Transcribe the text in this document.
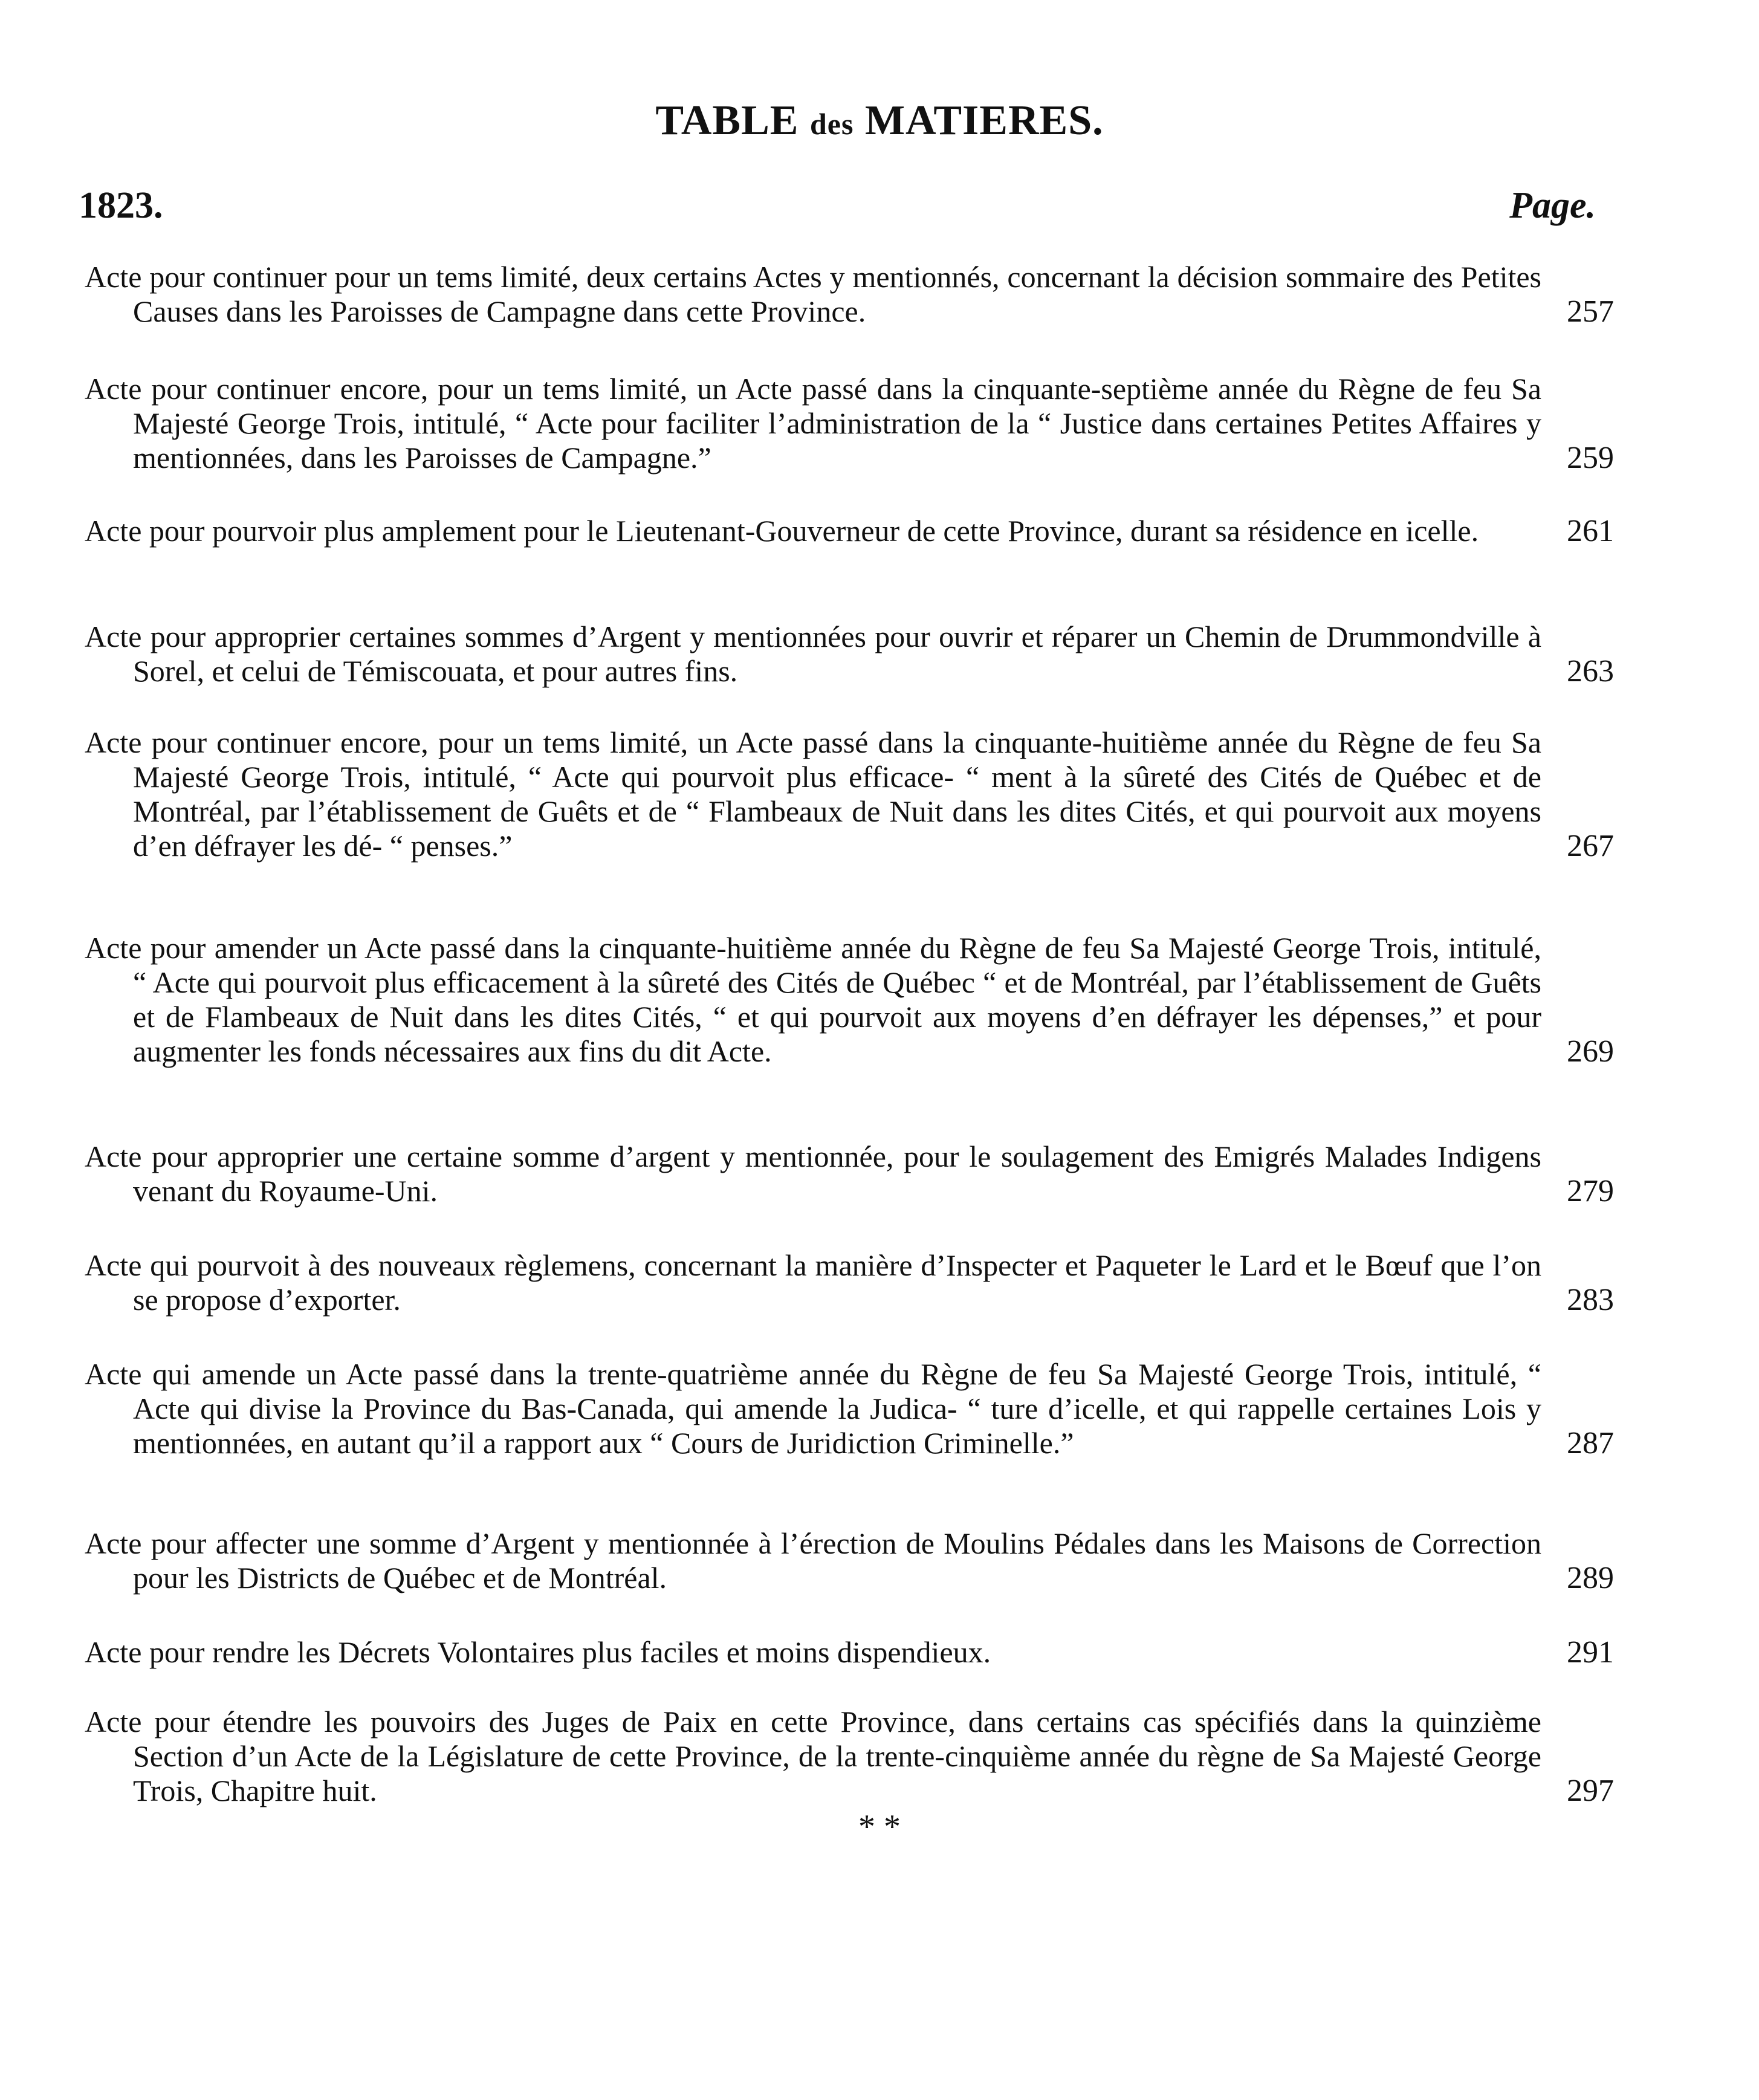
TABLE des MATIERES.
1823.	Page.
Acte pour continuer pour un tems limité, deux certains Actes y mentionnés, concernant la décision sommaire des Petites Causes dans les Paroisses de Campagne dans cette Province.	257
Acte pour continuer encore, pour un tems limité, un Acte passé dans la cinquante-septième année du Règne de feu Sa Majesté George Trois, intitulé, “ Acte pour faciliter l’administration de la “ Justice dans certaines Petites Affaires y mentionnées, dans les Paroisses de Campagne.”	259
Acte pour pourvoir plus amplement pour le Lieutenant-Gouverneur de cette Province, durant sa résidence en icelle.	261
Acte pour approprier certaines sommes d’Argent y mentionnées pour ouvrir et réparer un Chemin de Drummondville à Sorel, et celui de Témiscouata, et pour autres fins.	263
Acte pour continuer encore, pour un tems limité, un Acte passé dans la cinquante-huitième année du Règne de feu Sa Majesté George Trois, intitulé, “ Acte qui pourvoit plus efficace- “ ment à la sûreté des Cités de Québec et de Montréal, par l’établissement de Guêts et de “ Flambeaux de Nuit dans les dites Cités, et qui pourvoit aux moyens d’en défrayer les dé- “ penses.”	267
Acte pour amender un Acte passé dans la cinquante-huitième année du Règne de feu Sa Majesté George Trois, intitulé, “ Acte qui pourvoit plus efficacement à la sûreté des Cités de Québec “ et de Montréal, par l’établissement de Guêts et de Flambeaux de Nuit dans les dites Cités, “ et qui pourvoit aux moyens d’en défrayer les dépenses,” et pour augmenter les fonds nécessaires aux fins du dit Acte.	269
Acte pour approprier une certaine somme d’argent y mentionnée, pour le soulagement des Emigrés Malades Indigens venant du Royaume-Uni.	279
Acte qui pourvoit à des nouveaux règlemens, concernant la manière d’Inspecter et Paqueter le Lard et le Bœuf que l’on se propose d’exporter.	283
Acte qui amende un Acte passé dans la trente-quatrième année du Règne de feu Sa Majesté George Trois, intitulé, “ Acte qui divise la Province du Bas-Canada, qui amende la Judica- “ ture d’icelle, et qui rappelle certaines Lois y mentionnées, en autant qu’il a rapport aux “ Cours de Juridiction Criminelle.”	287
Acte pour affecter une somme d’Argent y mentionnée à l’érection de Moulins Pédales dans les Maisons de Correction pour les Districts de Québec et de Montréal.	289
Acte pour rendre les Décrets Volontaires plus faciles et moins dispendieux.	291
Acte pour étendre les pouvoirs des Juges de Paix en cette Province, dans certains cas spécifiés dans la quinzième Section d’un Acte de la Législature de cette Province, de la trente-cinquième année du règne de Sa Majesté George Trois, Chapitre huit.	297
* *
